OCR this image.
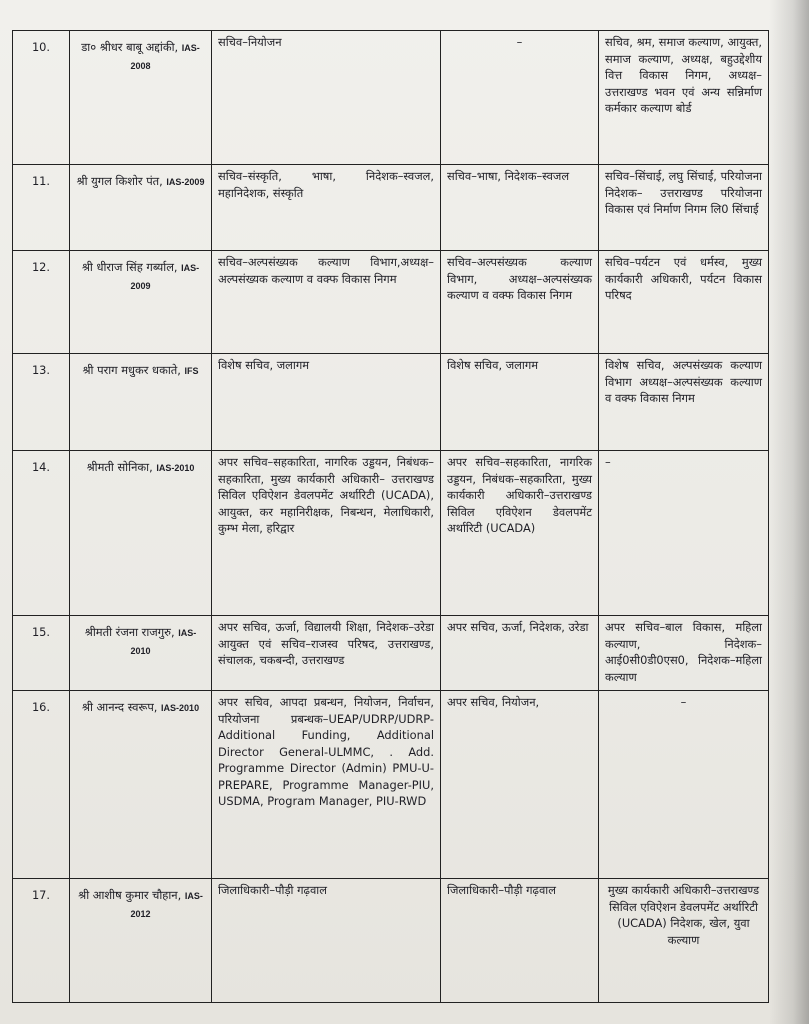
10.	डा० श्रीधर बाबू अद्दांकी, IAS-2008	सचिव–नियोजन	–	सचिव, श्रम, समाज कल्याण, आयुक्त, समाज कल्याण, अध्यक्ष, बहुउद्देशीय वित्त विकास निगम, अध्यक्ष–उत्तराखण्ड भवन एवं अन्य सन्निर्माण कर्मकार कल्याण बोर्ड
11.	श्री युगल किशोर पंत, IAS-2009	सचिव–संस्कृति, भाषा, निदेशक–स्वजल, महानिदेशक, संस्कृति	सचिव–भाषा, निदेशक–स्वजल	सचिव–सिंचाई, लघु सिंचाई, परियोजना निदेशक– उत्तराखण्ड परियोजना विकास एवं निर्माण निगम लि0 सिंचाई
12.	श्री धीराज सिंह गर्ब्याल, IAS-2009	सचिव–अल्पसंख्यक कल्याण विभाग,अध्यक्ष–अल्पसंख्यक कल्याण व वक्फ विकास निगम	सचिव–अल्पसंख्यक कल्याण विभाग, अध्यक्ष–अल्पसंख्यक कल्याण व वक्फ विकास निगम	सचिव–पर्यटन एवं धर्मस्व, मुख्य कार्यकारी अधिकारी, पर्यटन विकास परिषद
13.	श्री पराग मधुकर धकाते, IFS	विशेष सचिव, जलागम	विशेष सचिव, जलागम	विशेष सचिव, अल्पसंख्यक कल्याण विभाग अध्यक्ष–अल्पसंख्यक कल्याण व वक्फ विकास निगम
14.	श्रीमती सोनिका, IAS-2010	अपर सचिव–सहकारिता, नागरिक उड्डयन, निबंधक–सहकारिता, मुख्य कार्यकारी अधिकारी– उत्तराखण्ड सिविल एविऐशन डेवलपमेंट अर्थारिटी (UCADA), आयुक्त, कर महानिरीक्षक, निबन्धन, मेलाधिकारी, कुम्भ मेला, हरिद्वार	अपर सचिव–सहकारिता, नागरिक उड्डयन, निबंधक–सहकारिता, मुख्य कार्यकारी अधिकारी–उत्तराखण्ड सिविल एविऐशन डेवलपमेंट अर्थारिटी (UCADA)	–
15.	श्रीमती रंजना राजगुरु, IAS-2010	अपर सचिव, ऊर्जा, विद्यालयी शिक्षा, निदेशक–उरेडा आयुक्त एवं सचिव–राजस्व परिषद, उत्तराखण्ड, संचालक, चकबन्दी, उत्तराखण्ड	अपर सचिव, ऊर्जा, निदेशक, उरेडा	अपर सचिव–बाल विकास, महिला कल्याण, निदेशक–आई0सी0डी0एस0, निदेशक–महिला कल्याण
16.	श्री आनन्द स्वरूप, IAS-2010	अपर सचिव, आपदा प्रबन्धन, नियोजन, निर्वाचन, परियोजना प्रबन्धक–UEAP/UDRP/UDRP-Additional Funding, Additional Director General-ULMMC, . Add. Programme Director (Admin) PMU-U-PREPARE, Programme Manager-PIU, USDMA, Program Manager, PIU-RWD	अपर सचिव, नियोजन,	–
17.	श्री आशीष कुमार चौहान, IAS-2012	जिलाधिकारी–पौड़ी गढ़वाल	जिलाधिकारी–पौड़ी गढ़वाल	मुख्य कार्यकारी अधिकारी–उत्तराखण्ड सिविल एविऐशन डेवलपमेंट अर्थारिटी (UCADA) निदेशक, खेल, युवा कल्याण
